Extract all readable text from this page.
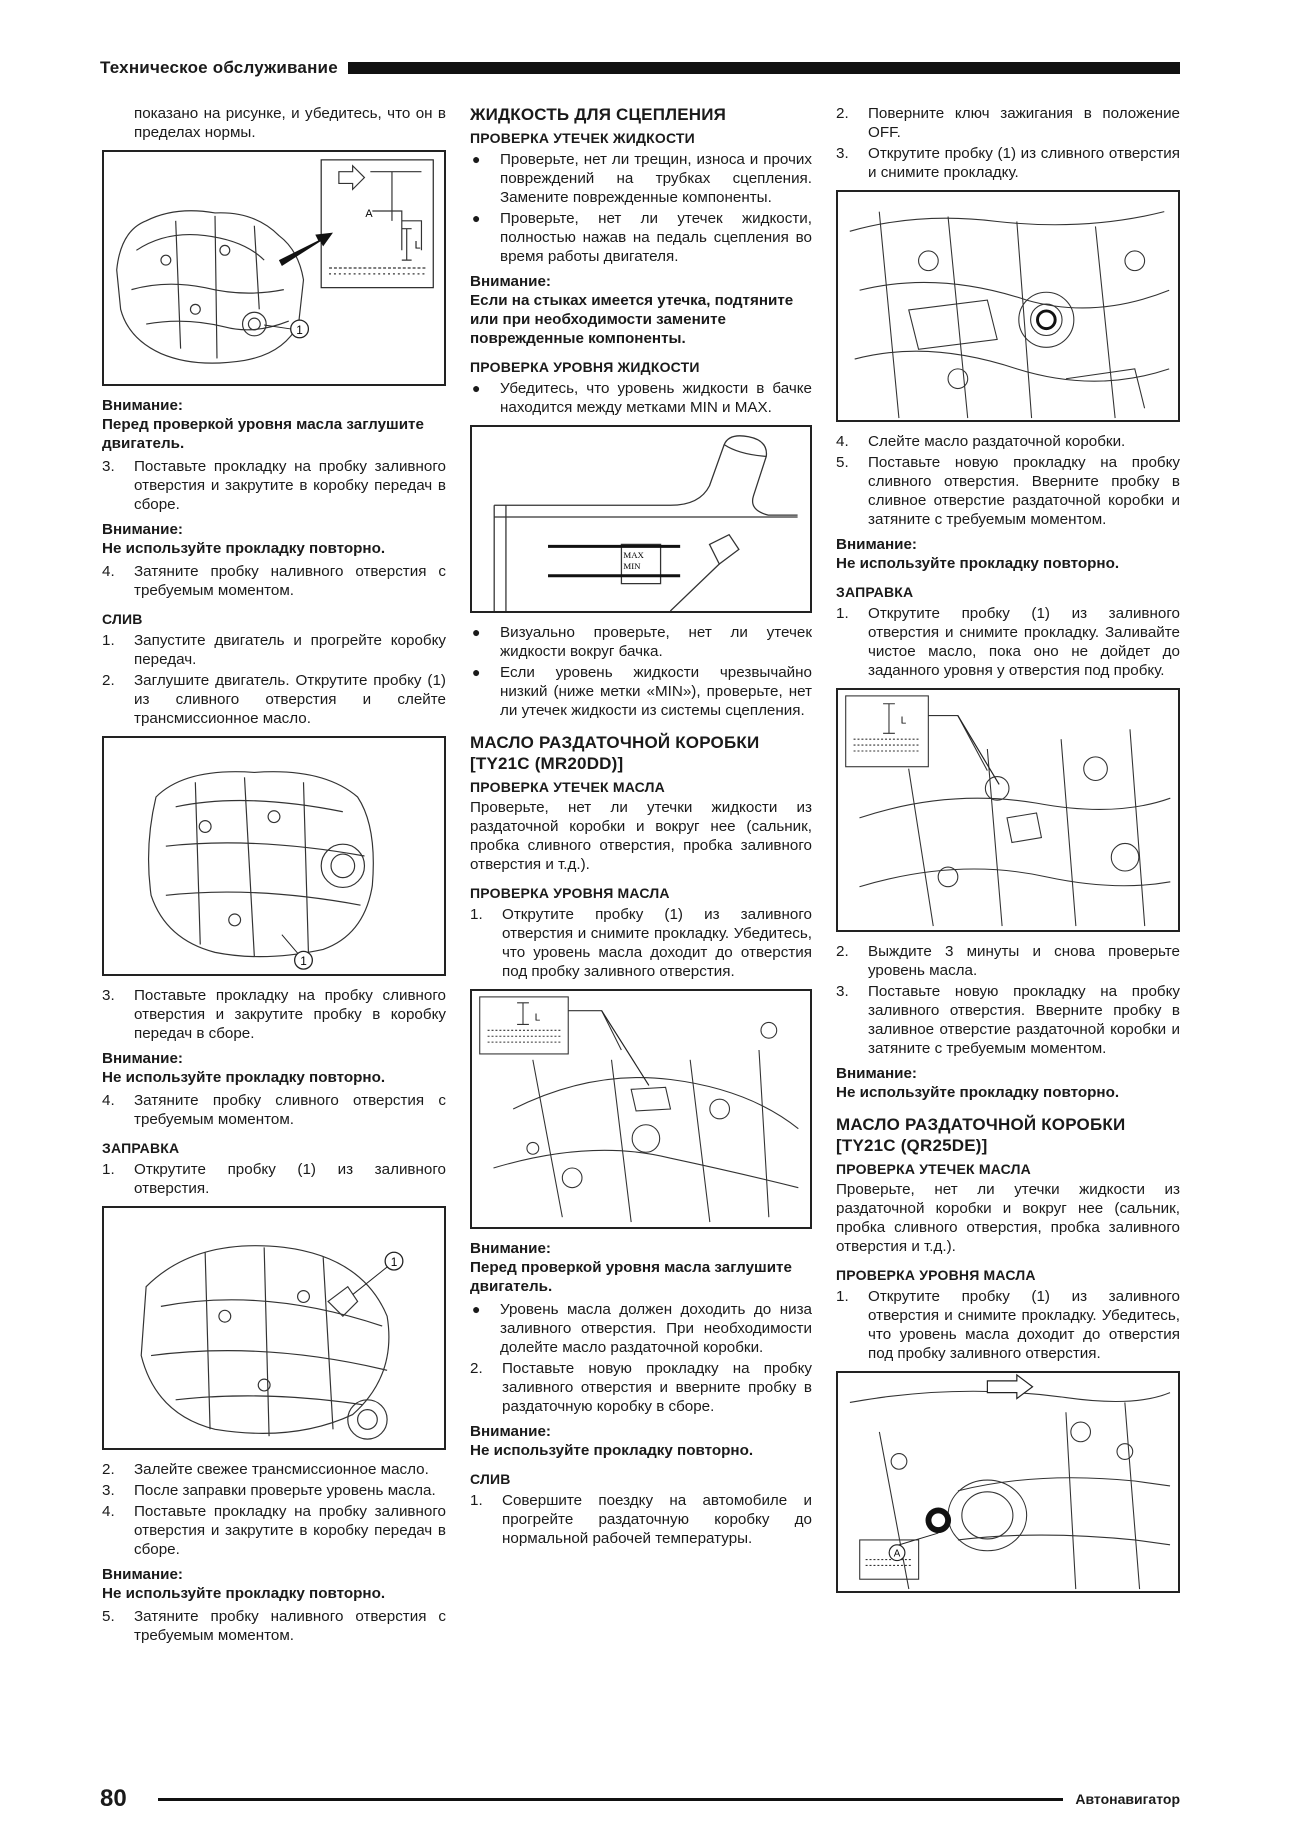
Техническое обслуживание

показано на рисунке, и убедитесь, что он в пределах нормы.

1
A
L
Внимание:
Перед проверкой уровня масла заглушите двигатель.
3.	Поставьте прокладку на пробку заливного отверстия и закрутите в коробку передач в сборе.
Внимание:
Не используйте прокладку повторно.
4.	Затяните пробку наливного отверстия с требуемым моментом.
СЛИВ
1.	Запустите двигатель и прогрейте коробку передач.
2.	Заглушите двигатель. Открутите пробку (1) из сливного отверстия и слейте трансмиссионное масло.
1
3.	Поставьте прокладку на пробку сливного отверстия и закрутите пробку в коробку передач в сборе.
Внимание:
Не используйте прокладку повторно.
4.	Затяните пробку сливного отверстия с требуемым моментом.
ЗАПРАВКА
1.	Открутите пробку (1) из заливного отверстия.
1
2.	Залейте свежее трансмиссионное масло.
3.	После заправки проверьте уровень масла.
4.	Поставьте прокладку на пробку заливного отверстия и закрутите в коробку передач в сборе.
Внимание:
Не используйте прокладку повторно.
5.	Затяните пробку наливного отверстия с требуемым моментом.
ЖИДКОСТЬ ДЛЯ СЦЕПЛЕНИЯ
ПРОВЕРКА УТЕЧЕК ЖИДКОСТИ
●	Проверьте, нет ли трещин, износа и прочих повреждений на трубках сцепления. Замените поврежденные компоненты.
●	Проверьте, нет ли утечек жидкости, полностью нажав на педаль сцепления во время работы двигателя.
Внимание:
Если на стыках имеется утечка, подтяните или при необходимости замените поврежденные компоненты.
ПРОВЕРКА УРОВНЯ ЖИДКОСТИ
●	Убедитесь, что уровень жидкости в бачке находится между метками MIN и MAX.
MAX
MIN
●	Визуально проверьте, нет ли утечек жидкости вокруг бачка.
●	Если уровень жидкости чрезвычайно низкий (ниже метки «MIN»), проверьте, нет ли утечек жидкости из системы сцепления.
МАСЛО РАЗДАТОЧНОЙ КОРОБКИ
[TY21C (MR20DD)]
ПРОВЕРКА УТЕЧЕК МАСЛА

Проверьте, нет ли утечки жидкости из раздаточной коробки и вокруг нее (сальник, пробка сливного отверстия, пробка заливного отверстия и т.д.).

ПРОВЕРКА УРОВНЯ МАСЛА
1.	Открутите пробку (1) из заливного отверстия и снимите прокладку. Убедитесь, что уровень масла доходит до отверстия под пробку заливного отверстия.
L
Внимание:
Перед проверкой уровня масла заглушите двигатель.
●	Уровень масла должен доходить до низа заливного отверстия. При необходимости долейте масло раздаточной коробки.
2.	Поставьте новую прокладку на пробку заливного отверстия и вверните пробку в раздаточную коробку в сборе.
Внимание:
Не используйте прокладку повторно.
СЛИВ
1.	Совершите поездку на автомобиле и прогрейте раздаточную коробку до нормальной рабочей температуры.
2.	Поверните ключ зажигания в положение OFF.
3.	Открутите пробку (1) из сливного отверстия и снимите прокладку.
4.	Слейте масло раздаточной коробки.
5.	Поставьте новую прокладку на пробку сливного отверстия. Вверните пробку в сливное отверстие раздаточной коробки и затяните с требуемым моментом.
Внимание:
Не используйте прокладку повторно.
ЗАПРАВКА
1.	Открутите пробку (1) из заливного отверстия и снимите прокладку. Заливайте чистое масло, пока оно не дойдет до заданного уровня у отверстия под пробку.
L
2.	Выждите 3 минуты и снова проверьте уровень масла.
3.	Поставьте новую прокладку на пробку заливного отверстия. Вверните пробку в заливное отверстие раздаточной коробки и затяните с требуемым моментом.
Внимание:
Не используйте прокладку повторно.
МАСЛО РАЗДАТОЧНОЙ КОРОБКИ
[TY21C (QR25DE)]
ПРОВЕРКА УТЕЧЕК МАСЛА

Проверьте, нет ли утечки жидкости из раздаточной коробки и вокруг нее (сальник, пробка сливного отверстия, пробка заливного отверстия и т.д.).

ПРОВЕРКА УРОВНЯ МАСЛА
1.	Открутите пробку (1) из заливного отверстия и снимите прокладку. Убедитесь, что уровень масла доходит до отверстия под пробку заливного отверстия.
A
80	Автонавигатор
